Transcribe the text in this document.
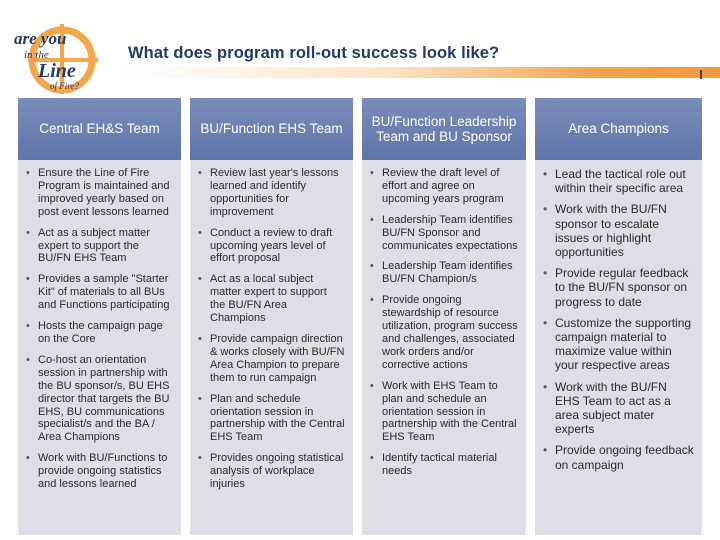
are you
in the
Line
of Fire?
What does program roll-out success look like?
Central EH&S Team	BU/Function EHS Team
BU/Function Leadership Team and BU Sponsor
Area Champions
• Ensure the Line of Fire Program is maintained and improved yearly based on post event lessons learned
• Act as a subject matter expert to support the BU/FN EHS Team
• Provides a sample "Starter Kit" of materials to all BUs and Functions participating
• Hosts the campaign page on the Core
• Co-host an orientation session in partnership with the BU sponsor/s, BU EHS director that targets the BU EHS, BU communications specialist/s and the BA / Area Champions
• Work with BU/Functions to provide ongoing statistics and lessons learned
• Review last year's lessons learned and identify opportunities for improvement
• Conduct a review to draft upcoming years level of effort proposal
• Act as a local subject matter expert to support the BU/FN Area Champions
• Provide campaign direction & works closely with BU/FN Area Champion to prepare them to run campaign
• Plan and schedule orientation session in partnership with the Central EHS Team
• Provides ongoing statistical analysis of workplace injuries
• Review the draft level of effort and agree on upcoming years program
• Leadership Team identifies BU/FN Sponsor and communicates expectations
• Leadership Team identifies BU/FN Champion/s
• Provide ongoing stewardship of resource utilization, program success and challenges, associated work orders and/or corrective actions
• Work with EHS Team to plan and schedule an orientation session in partnership with the Central EHS Team
• Identify tactical material needs
• Lead the tactical role out within their specific area
• Work with the BU/FN sponsor to escalate issues or highlight opportunities
• Provide regular feedback to the BU/FN sponsor on progress to date
• Customize the supporting campaign material to maximize value within your respective areas
• Work with the BU/FN EHS Team to act as a area subject mater experts
• Provide ongoing feedback on campaign
